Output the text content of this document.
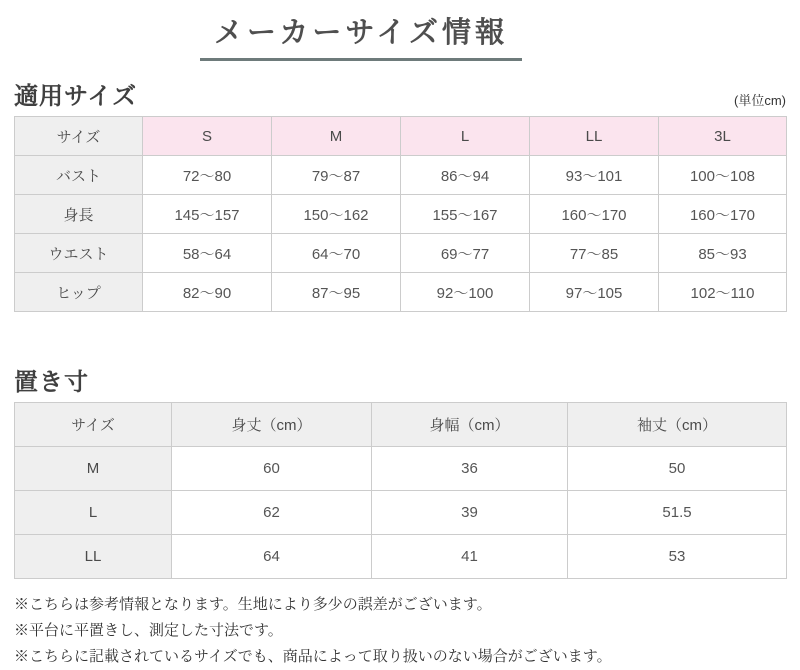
メーカーサイズ情報
適用サイズ	(単位cm)
サイズ	S	M	L	LL	3L
バスト	72～80	79～87	86～94	93～101	100～108
身長	145～157	150～162	155～167	160～170	160～170
ウエスト	58～64	64～70	69～77	77～85	85～93
ヒップ	82～90	87～95	92～100	97～105	102～110
置き寸
サイズ	身丈（cm）	身幅（cm）	袖丈（cm）
M	60	36	50
L	62	39	51.5
LL	64	41	53

※こちらは参考情報となります。生地により多少の誤差がございます。

※平台に平置きし、測定した寸法です。

※こちらに記載されているサイズでも、商品によって取り扱いのない場合がございます。
